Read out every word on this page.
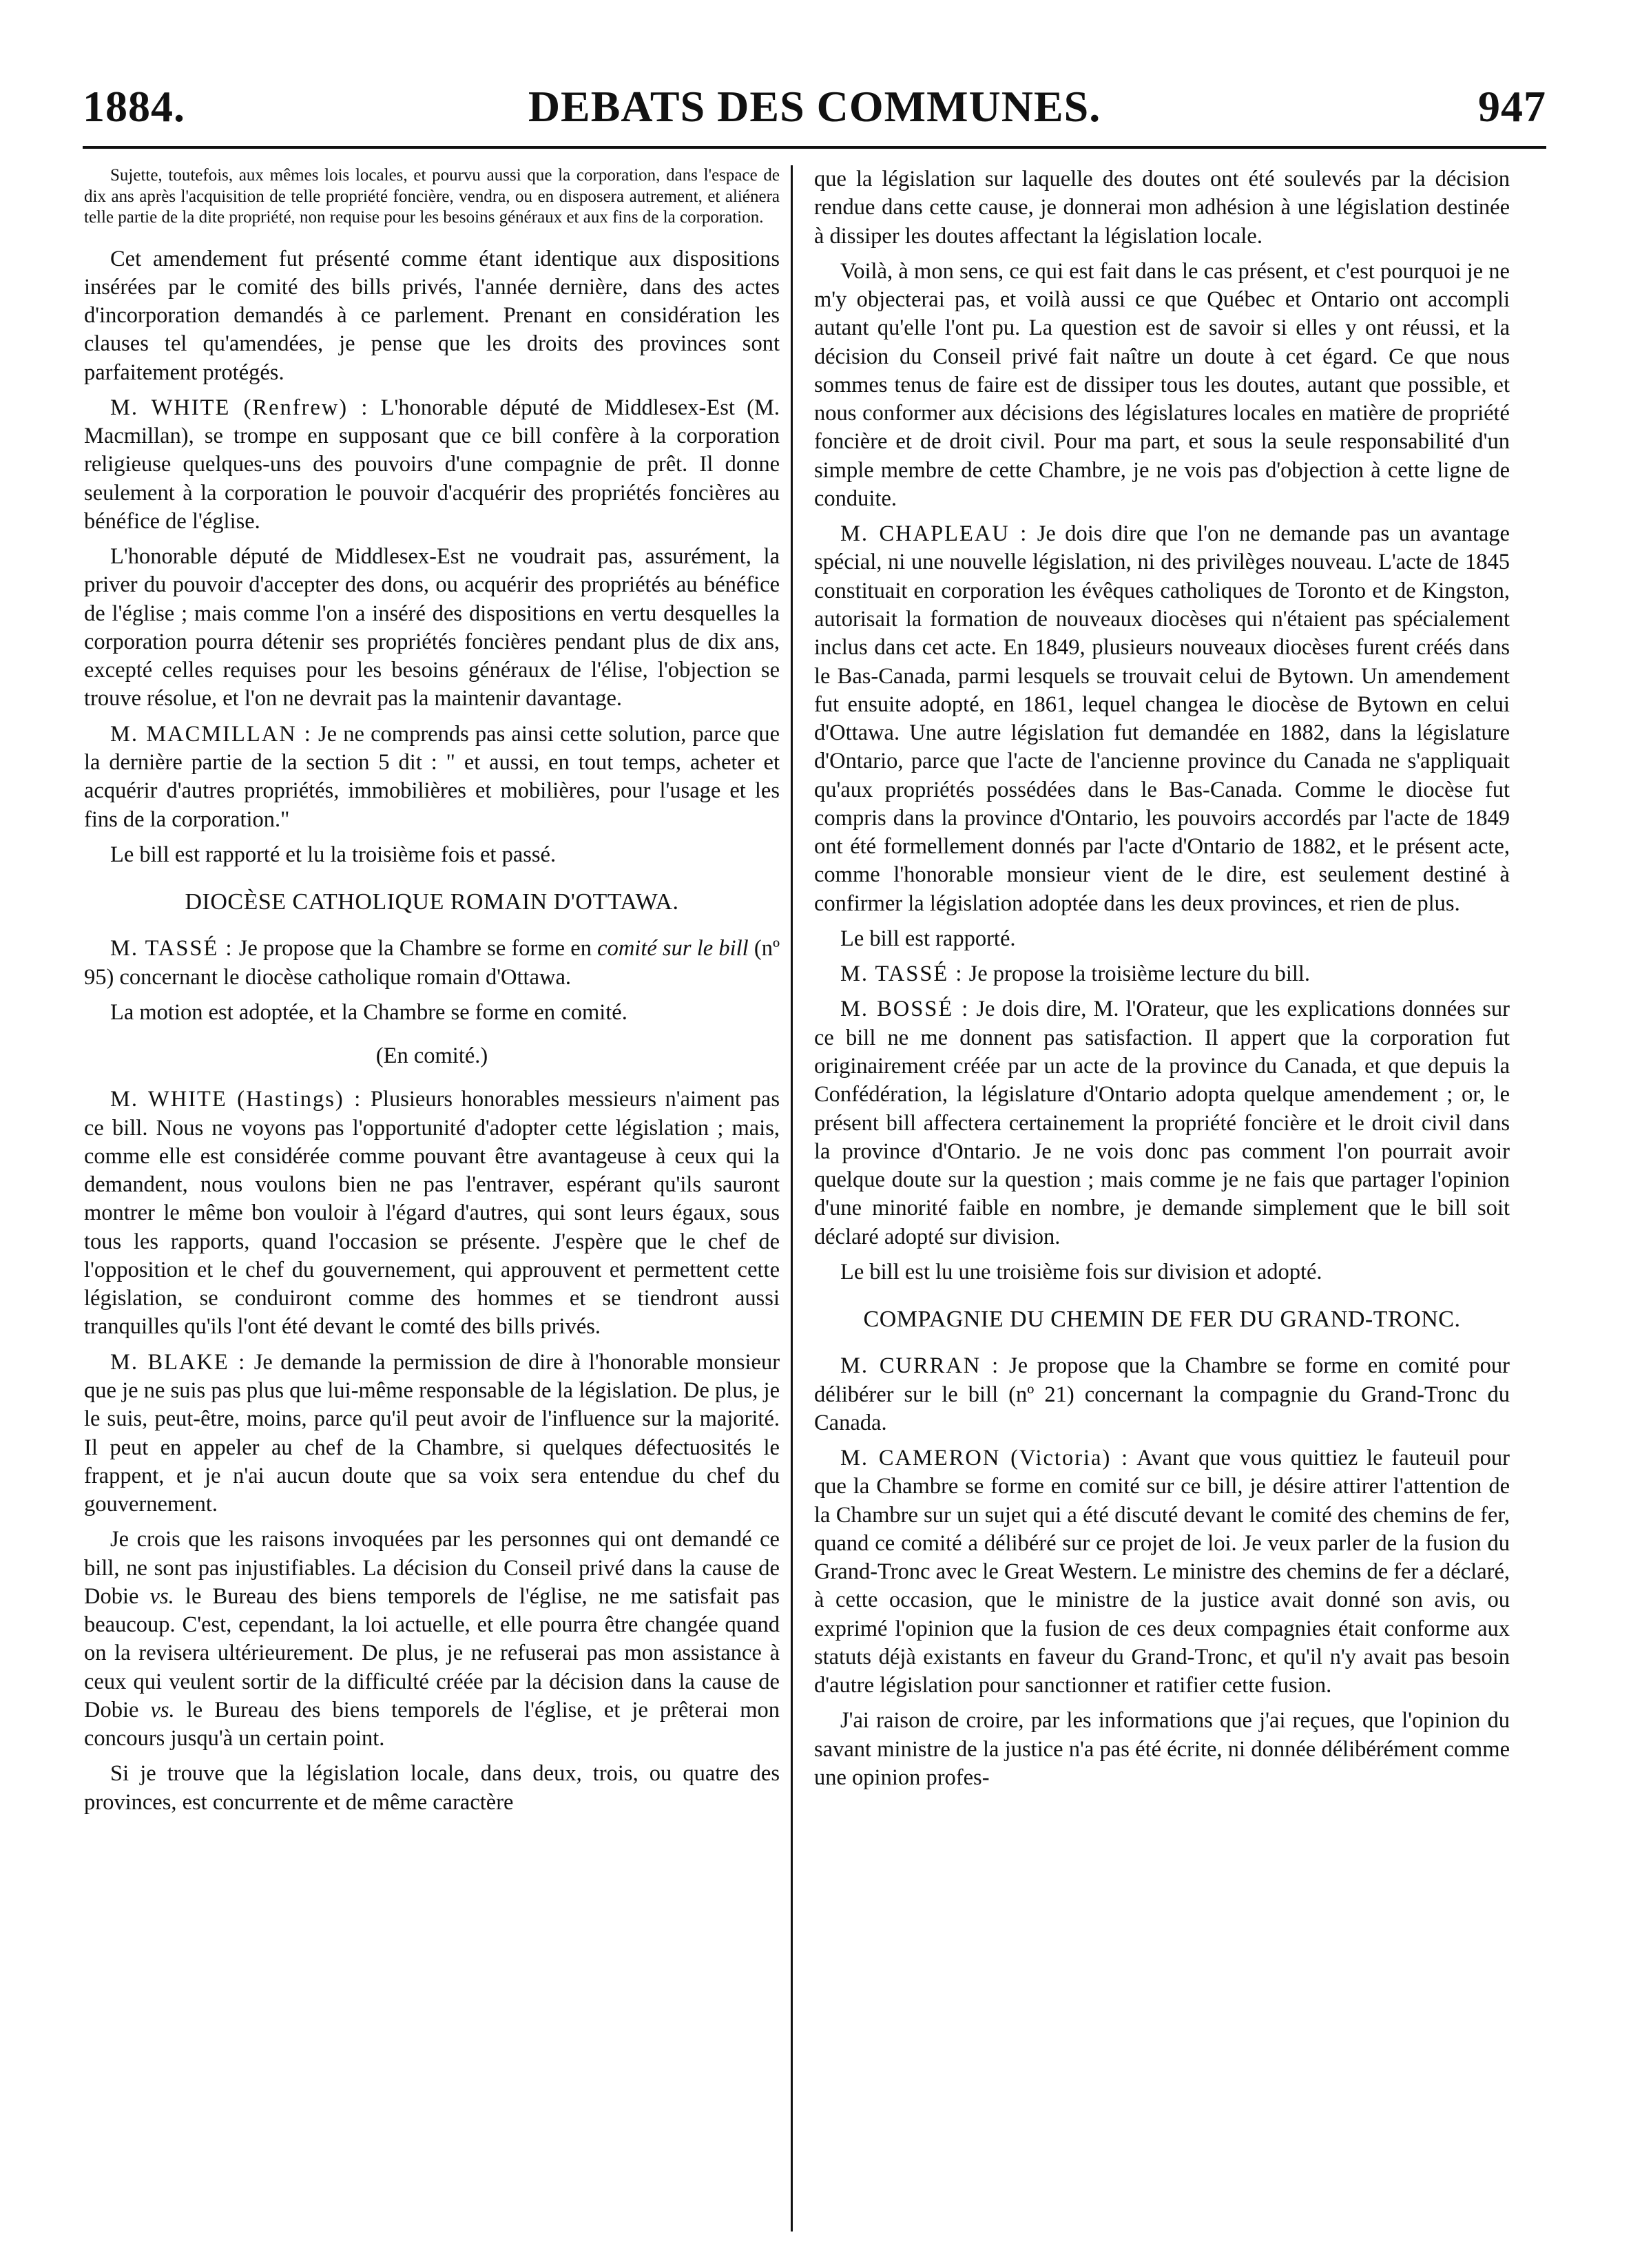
1884.	DEBATS DES COMMUNES.	947

Sujette, toutefois, aux mêmes lois locales, et pourvu aussi que la corporation, dans l'espace de dix ans après l'acquisition de telle propriété foncière, vendra, ou en disposera autrement, et aliénera telle partie de la dite propriété, non requise pour les besoins généraux et aux fins de la corporation.

Cet amendement fut présenté comme étant identique aux dispositions insérées par le comité des bills privés, l'année dernière, dans des actes d'incorporation demandés à ce parlement. Prenant en considération les clauses tel qu'amendées, je pense que les droits des provinces sont parfaitement protégés.

M. WHITE (Renfrew) : L'honorable député de Middlesex-Est (M. Macmillan), se trompe en supposant que ce bill confère à la corporation religieuse quelques-uns des pouvoirs d'une compagnie de prêt. Il donne seulement à la corporation le pouvoir d'acquérir des propriétés foncières au bénéfice de l'église.

L'honorable député de Middlesex-Est ne voudrait pas, assurément, la priver du pouvoir d'accepter des dons, ou acquérir des propriétés au bénéfice de l'église ; mais comme l'on a inséré des dispositions en vertu desquelles la corporation pourra détenir ses propriétés foncières pendant plus de dix ans, excepté celles requises pour les besoins généraux de l'élise, l'objection se trouve résolue, et l'on ne devrait pas la maintenir davantage.

M. MACMILLAN : Je ne comprends pas ainsi cette solution, parce que la dernière partie de la section 5 dit : " et aussi, en tout temps, acheter et acquérir d'autres propriétés, immobilières et mobilières, pour l'usage et les fins de la corporation."

Le bill est rapporté et lu la troisième fois et passé.

DIOCÈSE CATHOLIQUE ROMAIN D'OTTAWA.

M. TASSÉ : Je propose que la Chambre se forme en comité sur le bill (nº 95) concernant le diocèse catholique romain d'Ottawa.

La motion est adoptée, et la Chambre se forme en comité.

(En comité.)

M. WHITE (Hastings) : Plusieurs honorables messieurs n'aiment pas ce bill. Nous ne voyons pas l'opportunité d'adopter cette législation ; mais, comme elle est considérée comme pouvant être avantageuse à ceux qui la demandent, nous voulons bien ne pas l'entraver, espérant qu'ils sauront montrer le même bon vouloir à l'égard d'autres, qui sont leurs égaux, sous tous les rapports, quand l'occasion se présente. J'espère que le chef de l'opposition et le chef du gouvernement, qui approuvent et permettent cette législation, se conduiront comme des hommes et se tiendront aussi tranquilles qu'ils l'ont été devant le comté des bills privés.

M. BLAKE : Je demande la permission de dire à l'honorable monsieur que je ne suis pas plus que lui-même responsable de la législation. De plus, je le suis, peut-être, moins, parce qu'il peut avoir de l'influence sur la majorité. Il peut en appeler au chef de la Chambre, si quelques défectuosités le frappent, et je n'ai aucun doute que sa voix sera entendue du chef du gouvernement.

Je crois que les raisons invoquées par les personnes qui ont demandé ce bill, ne sont pas injustifiables. La décision du Conseil privé dans la cause de Dobie vs. le Bureau des biens temporels de l'église, ne me satisfait pas beaucoup. C'est, cependant, la loi actuelle, et elle pourra être changée quand on la revisera ultérieurement. De plus, je ne refuserai pas mon assistance à ceux qui veulent sortir de la difficulté créée par la décision dans la cause de Dobie vs. le Bureau des biens temporels de l'église, et je prêterai mon concours jusqu'à un certain point.

Si je trouve que la législation locale, dans deux, trois, ou quatre des provinces, est concurrente et de même caractère

que la législation sur laquelle des doutes ont été soulevés par la décision rendue dans cette cause, je donnerai mon adhésion à une législation destinée à dissiper les doutes affectant la législation locale.

Voilà, à mon sens, ce qui est fait dans le cas présent, et c'est pourquoi je ne m'y objecterai pas, et voilà aussi ce que Québec et Ontario ont accompli autant qu'elle l'ont pu. La question est de savoir si elles y ont réussi, et la décision du Conseil privé fait naître un doute à cet égard. Ce que nous sommes tenus de faire est de dissiper tous les doutes, autant que possible, et nous conformer aux décisions des législatures locales en matière de propriété foncière et de droit civil. Pour ma part, et sous la seule responsabilité d'un simple membre de cette Chambre, je ne vois pas d'objection à cette ligne de conduite.

M. CHAPLEAU : Je dois dire que l'on ne demande pas un avantage spécial, ni une nouvelle législation, ni des privilèges nouveau. L'acte de 1845 constituait en corporation les évêques catholiques de Toronto et de Kingston, autorisait la formation de nouveaux diocèses qui n'étaient pas spécialement inclus dans cet acte. En 1849, plusieurs nouveaux diocèses furent créés dans le Bas-Canada, parmi lesquels se trouvait celui de Bytown. Un amendement fut ensuite adopté, en 1861, lequel changea le diocèse de Bytown en celui d'Ottawa. Une autre législation fut demandée en 1882, dans la législature d'Ontario, parce que l'acte de l'ancienne province du Canada ne s'appliquait qu'aux propriétés possédées dans le Bas-Canada. Comme le diocèse fut compris dans la province d'Ontario, les pouvoirs accordés par l'acte de 1849 ont été formellement donnés par l'acte d'Ontario de 1882, et le présent acte, comme l'honorable monsieur vient de le dire, est seulement destiné à confirmer la législation adoptée dans les deux provinces, et rien de plus.

Le bill est rapporté.

M. TASSÉ : Je propose la troisième lecture du bill.

M. BOSSÉ : Je dois dire, M. l'Orateur, que les explications données sur ce bill ne me donnent pas satisfaction. Il appert que la corporation fut originairement créée par un acte de la province du Canada, et que depuis la Confédération, la législature d'Ontario adopta quelque amendement ; or, le présent bill affectera certainement la propriété foncière et le droit civil dans la province d'Ontario. Je ne vois donc pas comment l'on pourrait avoir quelque doute sur la question ; mais comme je ne fais que partager l'opinion d'une minorité faible en nombre, je demande simplement que le bill soit déclaré adopté sur division.

Le bill est lu une troisième fois sur division et adopté.

COMPAGNIE DU CHEMIN DE FER DU GRAND-TRONC.

M. CURRAN : Je propose que la Chambre se forme en comité pour délibérer sur le bill (nº 21) concernant la compagnie du Grand-Tronc du Canada.

M. CAMERON (Victoria) : Avant que vous quittiez le fauteuil pour que la Chambre se forme en comité sur ce bill, je désire attirer l'attention de la Chambre sur un sujet qui a été discuté devant le comité des chemins de fer, quand ce comité a délibéré sur ce projet de loi. Je veux parler de la fusion du Grand-Tronc avec le Great Western. Le ministre des chemins de fer a déclaré, à cette occasion, que le ministre de la justice avait donné son avis, ou exprimé l'opinion que la fusion de ces deux compagnies était conforme aux statuts déjà existants en faveur du Grand-Tronc, et qu'il n'y avait pas besoin d'autre législation pour sanctionner et ratifier cette fusion.

J'ai raison de croire, par les informations que j'ai reçues, que l'opinion du savant ministre de la justice n'a pas été écrite, ni donnée délibérément comme une opinion profes-
